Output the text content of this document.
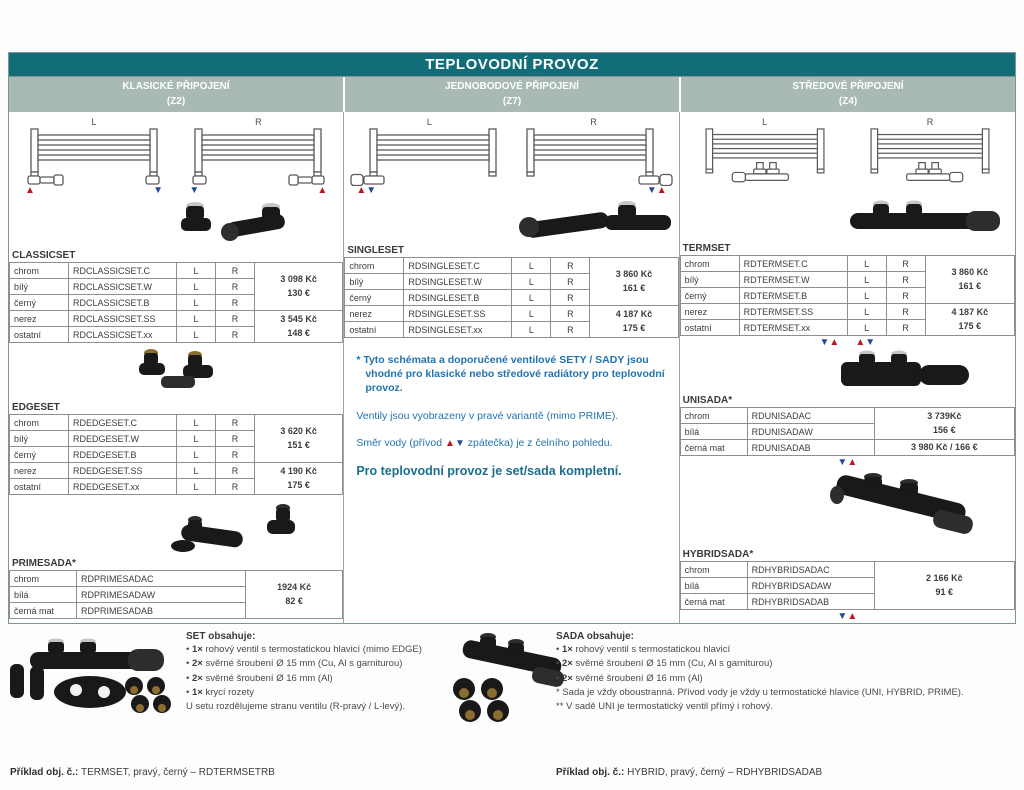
TEPLOVODNÍ PROVOZ
KLASICKÉ PŘIPOJENÍ
(Z2)
JEDNOBODOVÉ PŘIPOJENÍ
(Z7)
STŘEDOVÉ PŘIPOJENÍ
(Z4)
L
▲	▼
R
▼	▲
CLASSICSET
chrom	RDCLASSICSET.C	L	R	3 098 Kč
130 €

bílý	RDCLASSICSET.W	L	R	
černý	RDCLASSICSET.B	L	R	
nerez	RDCLASSICSET.SS	L	R	3 545 Kč
148 €

ostatní	RDCLASSICSET.xx	L	R	
EDGESET
chrom	RDEDGESET.C	L	R	3 620 Kč
151 €

bílý	RDEDGESET.W	L	R	
černý	RDEDGESET.B	L	R	
nerez	RDEDGESET.SS	L	R	4 190 Kč
175 €

ostatní	RDEDGESET.xx	L	R	
PRIMESADA*
chrom	RDPRIMESADAC	1924 Kč
82 €

bílá	RDPRIMESADAW	
černá mat	RDPRIMESADAB	
L
▲ ▼
R
▼ ▲
SINGLESET
chrom	RDSINGLESET.C	L	R	3 860 Kč
161 €

bílý	RDSINGLESET.W	L	R	
černý	RDSINGLESET.B	L	R	
nerez	RDSINGLESET.SS	L	R	4 187 Kč
175 €

ostatní	RDSINGLESET.xx	L	R	

* Tyto schémata a doporučené ventilové SETY / SADY jsou vhodné pro klasické nebo středové radiátory pro teplovodní provoz.

Ventily jsou vyobrazeny v pravé variantě (mimo PRIME).

Směr vody (přívod ▲▼ zpátečka) je z čelního pohledu.

Pro teplovodní provoz je set/sada kompletní.

L	R
TERMSET
chrom	RDTERMSET.C	L	R	3 860 Kč
161 €

bílý	RDTERMSET.W	L	R	
černý	RDTERMSET.B	L	R	
nerez	RDTERMSET.SS	L	R	4 187 Kč
175 €

ostatní	RDTERMSET.xx	L	R	
▼ ▲ ▲ ▼
UNISADA*
chrom	RDUNISADAC	3 739Kč
156 €

bílá	RDUNISADAW	
černá mat	RDUNISADAB	3 980 Kč / 166 €
▼ ▲
HYBRIDSADA*
chrom	RDHYBRIDSADAC	2 166 Kč
91 €

bílá	RDHYBRIDSADAW	
černá mat	RDHYBRIDSADAB	
▼ ▲
SET obsahuje:
• 1× rohový ventil s termostatickou hlavicí (mimo EDGE)
• 2× svěrné šroubení Ø 15 mm (Cu, Al s garniturou)
• 2× svěrné šroubení Ø 16 mm (Al)
• 1× krycí rozety
U setu rozdělujeme stranu ventilu (R-pravý / L-levý).
SADA obsahuje:
• 1× rohový ventil s termostatickou hlavicí
• 2× svěrné šroubení Ø 15 mm (Cu, Al s garniturou)
• 2× svěrné šroubení Ø 16 mm (Al)
* Sada je vždy oboustranná. Přívod vody je vždy u termostatické hlavice (UNI, HYBRID, PRIME).
** V sadě UNI je termostatický ventil přímý i rohový.
Příklad obj. č.: TERMSET, pravý, černý – RDTERMSETRB	Příklad obj. č.: HYBRID, pravý, černý – RDHYBRIDSADAB
